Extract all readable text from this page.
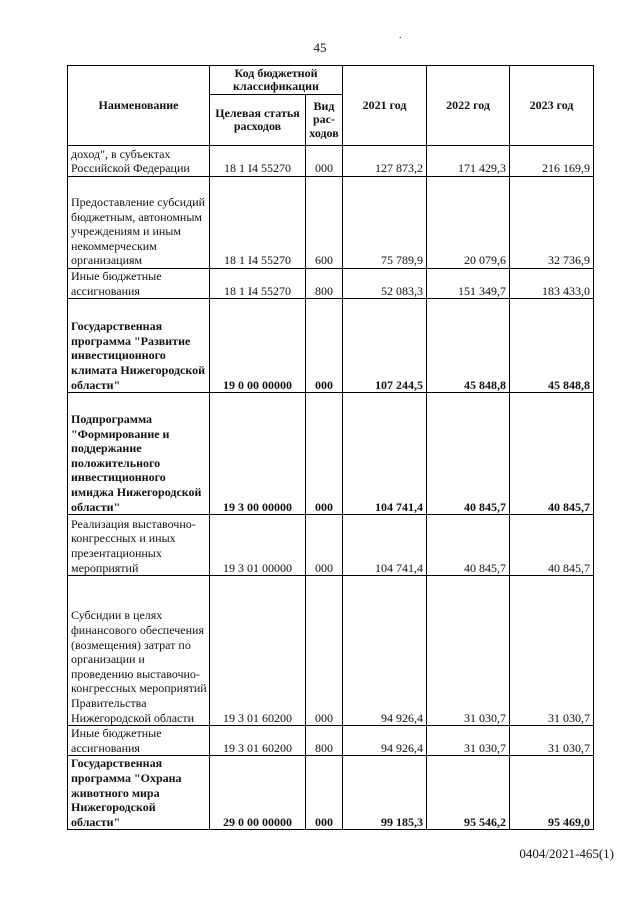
45
.
Наименование	Код бюджетной классификации		2021 год	2022 год	2023 год
	Целевая статья расходов	Вид рас-ходов			
доход", в субъектах Российской Федерации	18 1 I4 55270	000	127 873,2	171 429,3	216 169,9
Предоставление субсидий бюджетным, автономным учреждениям и иным некоммерческим организациям	18 1 I4 55270	600	75 789,9	20 079,6	32 736,9
Иные бюджетные ассигнования	18 1 I4 55270	800	52 083,3	151 349,7	183 433,0
Государственная программа "Развитие инвестиционного климата Нижегородской области"	19 0 00 00000	000	107 244,5	45 848,8	45 848,8
Подпрограмма "Формирование и поддержание положительного инвестиционного имиджа Нижегородской области"	19 3 00 00000	000	104 741,4	40 845,7	40 845,7
Реализация выставочно-конгрессных и иных презентационных мероприятий	19 3 01 00000	000	104 741,4	40 845,7	40 845,7
Субсидии в целях финансового обеспечения (возмещения) затрат по организации и проведению выставочно-конгрессных мероприятий Правительства Нижегородской области	19 3 01 60200	000	94 926,4	31 030,7	31 030,7
Иные бюджетные ассигнования	19 3 01 60200	800	94 926,4	31 030,7	31 030,7
Государственная программа "Охрана животного мира Нижегородской области"	29 0 00 00000	000	99 185,3	95 546,2	95 469,0
0404/2021-465(1)
